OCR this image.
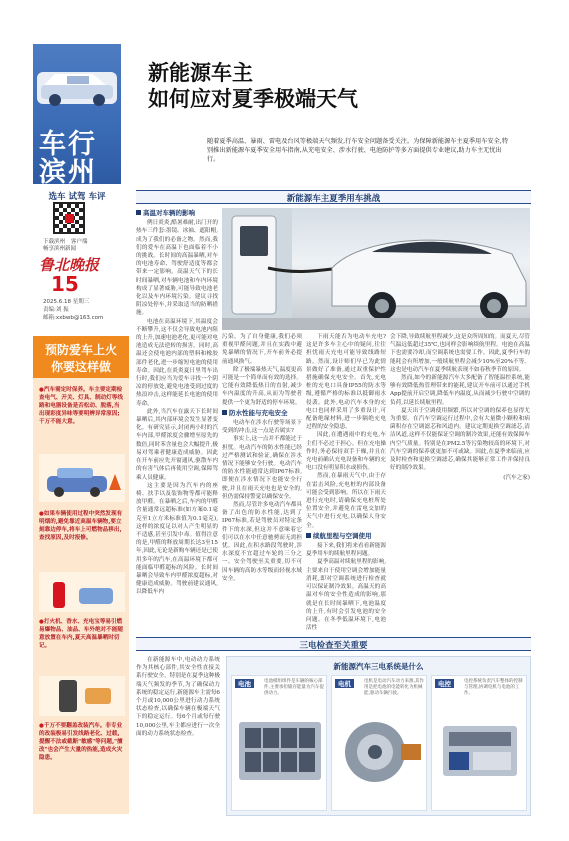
车行
滨州
选车 试驾 车评
下载滨州 客户端
畅享滨州新闻
鲁北晚报
15
2025.6.18 星期三
责编:刘 振
邮箱:xxbwb@163.com
新能源车主
如何应对夏季极端天气
随着夏季高温、暴雨、雷电及台风等极端天气频发,行车安全问题备受关注。为保障新能源车主夏季用车安全,特别推出新能源车夏季安全用车指南,从充电安全、涉水行驶、电池防护等多方面提供专业建议,助力车主无忧出行。
新能源车主夏季用车挑战
高温对车辆的影响

例日炎炎,酷暑难耐,出门开的热车三件套:墨镜、冰袖、遮阳帽,成为了我们的必备之物。然而,我们的爱车在高温下也面临着不小的挑战。长时间的高温暴晒,对车的电池寿命、驾驶舒适度等都会带来一定影响。高温天气下的长时间暴晒,对车辆电池和车内环境构成了显著威胁,可能导致电池老化以及车内环境污染。建议寻找阴凉处停车,并采取适当的防晒措施。

电池在高温环境下,其温度会不断攀升,这不仅会导致电池内阻的上升,加速电池老化,更可能对电池造成无法逆转的损害。同时,高温还会使电池内部的塑料和橡胶部件老化,进一步缩短电池的使用寿命。因此,在炎炎夏日里驾车出行时,我们应当为爱车寻找一个阴凉的停放处,避免电池受到过度的热浪冲击,这样能延长电池的使用寿命。

此外,当汽车在露天下长时间暴晒后,其内部环境会发生显著变化。有研究显示,封闭两小时的汽车内部,甲醛浓度会骤增至原先的数倍,同时苯含量也会大幅提升,极易对驾乘者健康造成威胁。因此在开车前应先开窗通风,驱散车内的有害气体后再使用空调,保障驾乘人员健康。

这主要是因为汽车内的座椅、扶手以及装饰物等都可能释放甲醛。在暴晒之后,车内的甲醛含量通常远超标准(如方案0.1毫克至1立方米标准值为0.1毫克),这样的浓度足以对人产生明显的不适感,甚至引发中毒。值得注意的是,甲醛的释放周期长达3至15年,因此,无论是新购车辆还是已使用多年的汽车,在高温环境下都可能面临甲醛超标的风险。长时间暴晒会导致车内甲醛浓度超标,对健康造成威胁。驾驶前建议通风,以降低车内

污染。为了自身健康,我们必须重视甲醛问题,并且在实践中避免暴晒的情况下,开车前务必提前通风换气。

除了极端暴热天气,温度更高可能是一个简单而有效的选择。它能有效降低热日的直射,减少车内温度的升高,从而为驾驶者提供一个更为舒适的停车环境。

防水性能与充电安全

电动车在涉水行驶等场景下受到的冲击,这一点是否属实?

事实上,这一点并不都能过于担忧。电动汽车的防水性能已经过严格测试和验证,确保在涉水情况下能够安全行驶。电动汽车的防水性能通常达到IP67标准,即便在涉水情况下也能安全行驶,并且在雨天充电也是安全的,但仍需保持警觉以确保安全。

然而,尽管许多电动汽车都具备了出色的防水性能,达到了IP67标准,若是驾驶员对特定条件下的水深,但这并不意味着它们可以在水中任意驰骋而无需担忧。因此,在积水路段驾驶时,涉水深度不宜超过车轮的三分之一。安全驾驶至关重要,切不可因车辆的高防水等级而轻视水域安全。

下雨天能否为电动车充电?这是许多车主心中的疑问,往往担忧雨天充电可能导致线路短路。然而,设计师们早已为此情景做好了准备,通过双重保护性措施确保充电安全。首先,充电桩的充电口具备IP55的防水等级,遵循严格的标准以抵御雨水侵袭。此外,电动汽车本身的充电口也同样采用了多重设计,可配备绝缘材料,进一步隔绝充电过程的安全隐患。

因此,在遭遇雨中的充电,车主们不必过于担心。但在充电操作时,务必保持双手干燥,并且在充电前确认充电设备和车辆的充电口没有明显积水或损伤。

然而,在暴雨天气中,由于存在雷击风险,充电桩的内部设备可能会受到影响。所以在下雨天进行充电时,请确保充电桩所处位置安全,并避免在雷电交加的天气中进行充电,以确保人身安全。

续航里程与空调使用

接下来,我们将来看看新能源夏季用车的续航里程问题。

夏季高温对续航里程的影响,主要来自于使用空调会增加能量消耗,即对空调系统进行检查就可以保证制冷效果。高温天的高温对车的安全性造成的影响,那就是在长时间暴晒下,电池温度的上升,有时会引发电池的安全问题。在冬季低温环境下,电池活性

会下降,导致续航里程减少,这是众所周知的。而夏天,尽管气温远低超过35℃,也同样会影响续航里程。电池在高温下也需要冷却,而空调系统也需要工作。因此,夏季行车的能耗会有所增加,一般续航里程会减少10%至20%不等。这也是电动汽车在夏季续航表现不如春秋季节的原因。

然而,如今的新能源汽车大多配备了智能温控系统,能够有效降低热管理带来的能耗,建议开车前可以通过手机App提前开启空调,降低车内温度,从而减少行驶中空调的负荷,以延长续航里程。

夏天出于空调使用频繁,所以对空调的保养也显得尤为重要。在汽车空调运行过程中,会有大量微小颗粒和病菌积存在空调滤芯和风道内。建议定期更换空调滤芯,清洁风道,这样不仅能保证空调的制冷效果,还能有效保障车内空气质量。特别是在PM2.5等污染物较高的环境下,对汽车空调的保养就更加不可或缺。因此,在夏季来临前,应及时检查和更换空调滤芯,确保其能够正常工作并保持良好的制冷效果。

(汽车之家)
预防爱车上火
你要这样做
● 汽车需定时保养。车主要定期检查电气、开关、灯具、制动灯等线路和电器设备是否松动、脱落,当出现彩度异味等要明辨异常原因;千万不能大意。
● 如果车辆使用过程中突然发现有明烟的,避免靠近高温车辆物,要立刻靠边停车,将车上可燃物品移出,查找原因,及时报修。
● 打火机、香水、充电宝等易引燃易爆物品、油品、车外绝对不能随意放置在车内,夏天高温暴晒时切记。
● 千万不要翻盖改装汽车。非专业的改装极易引发线路老化、过载,提醒不法或截断"敏感"等问题,"擅改"也会产生大量的热能,造成火灾隐患。
三电检查至关重要

在新能源车中,电动动力系统作为其核心部件,其安全性直接关系行驶安全。特别是在夏季这种极端天气频发的季节,为了确保动力系统的稳定运行,新能源车主需每6个月或10,000公里进行动力系统状态检查,以确保车辆在极端天气下的稳定运行。每6个月或每行驶10,000公里,车主都应进行一次全面的动力系统状态检查。

新能源汽车三电系统是什么
电池	电池模组组件是车辆的核心部件,主要承担储存能量为汽车提供动力。
电机	电机是电动汽车动力来源,其作用是把电池的电能转化为机械能,驱动车辆行驶。
电控	电控系统负责汽车整体的控制与管理,协调电机与电池的工作。
